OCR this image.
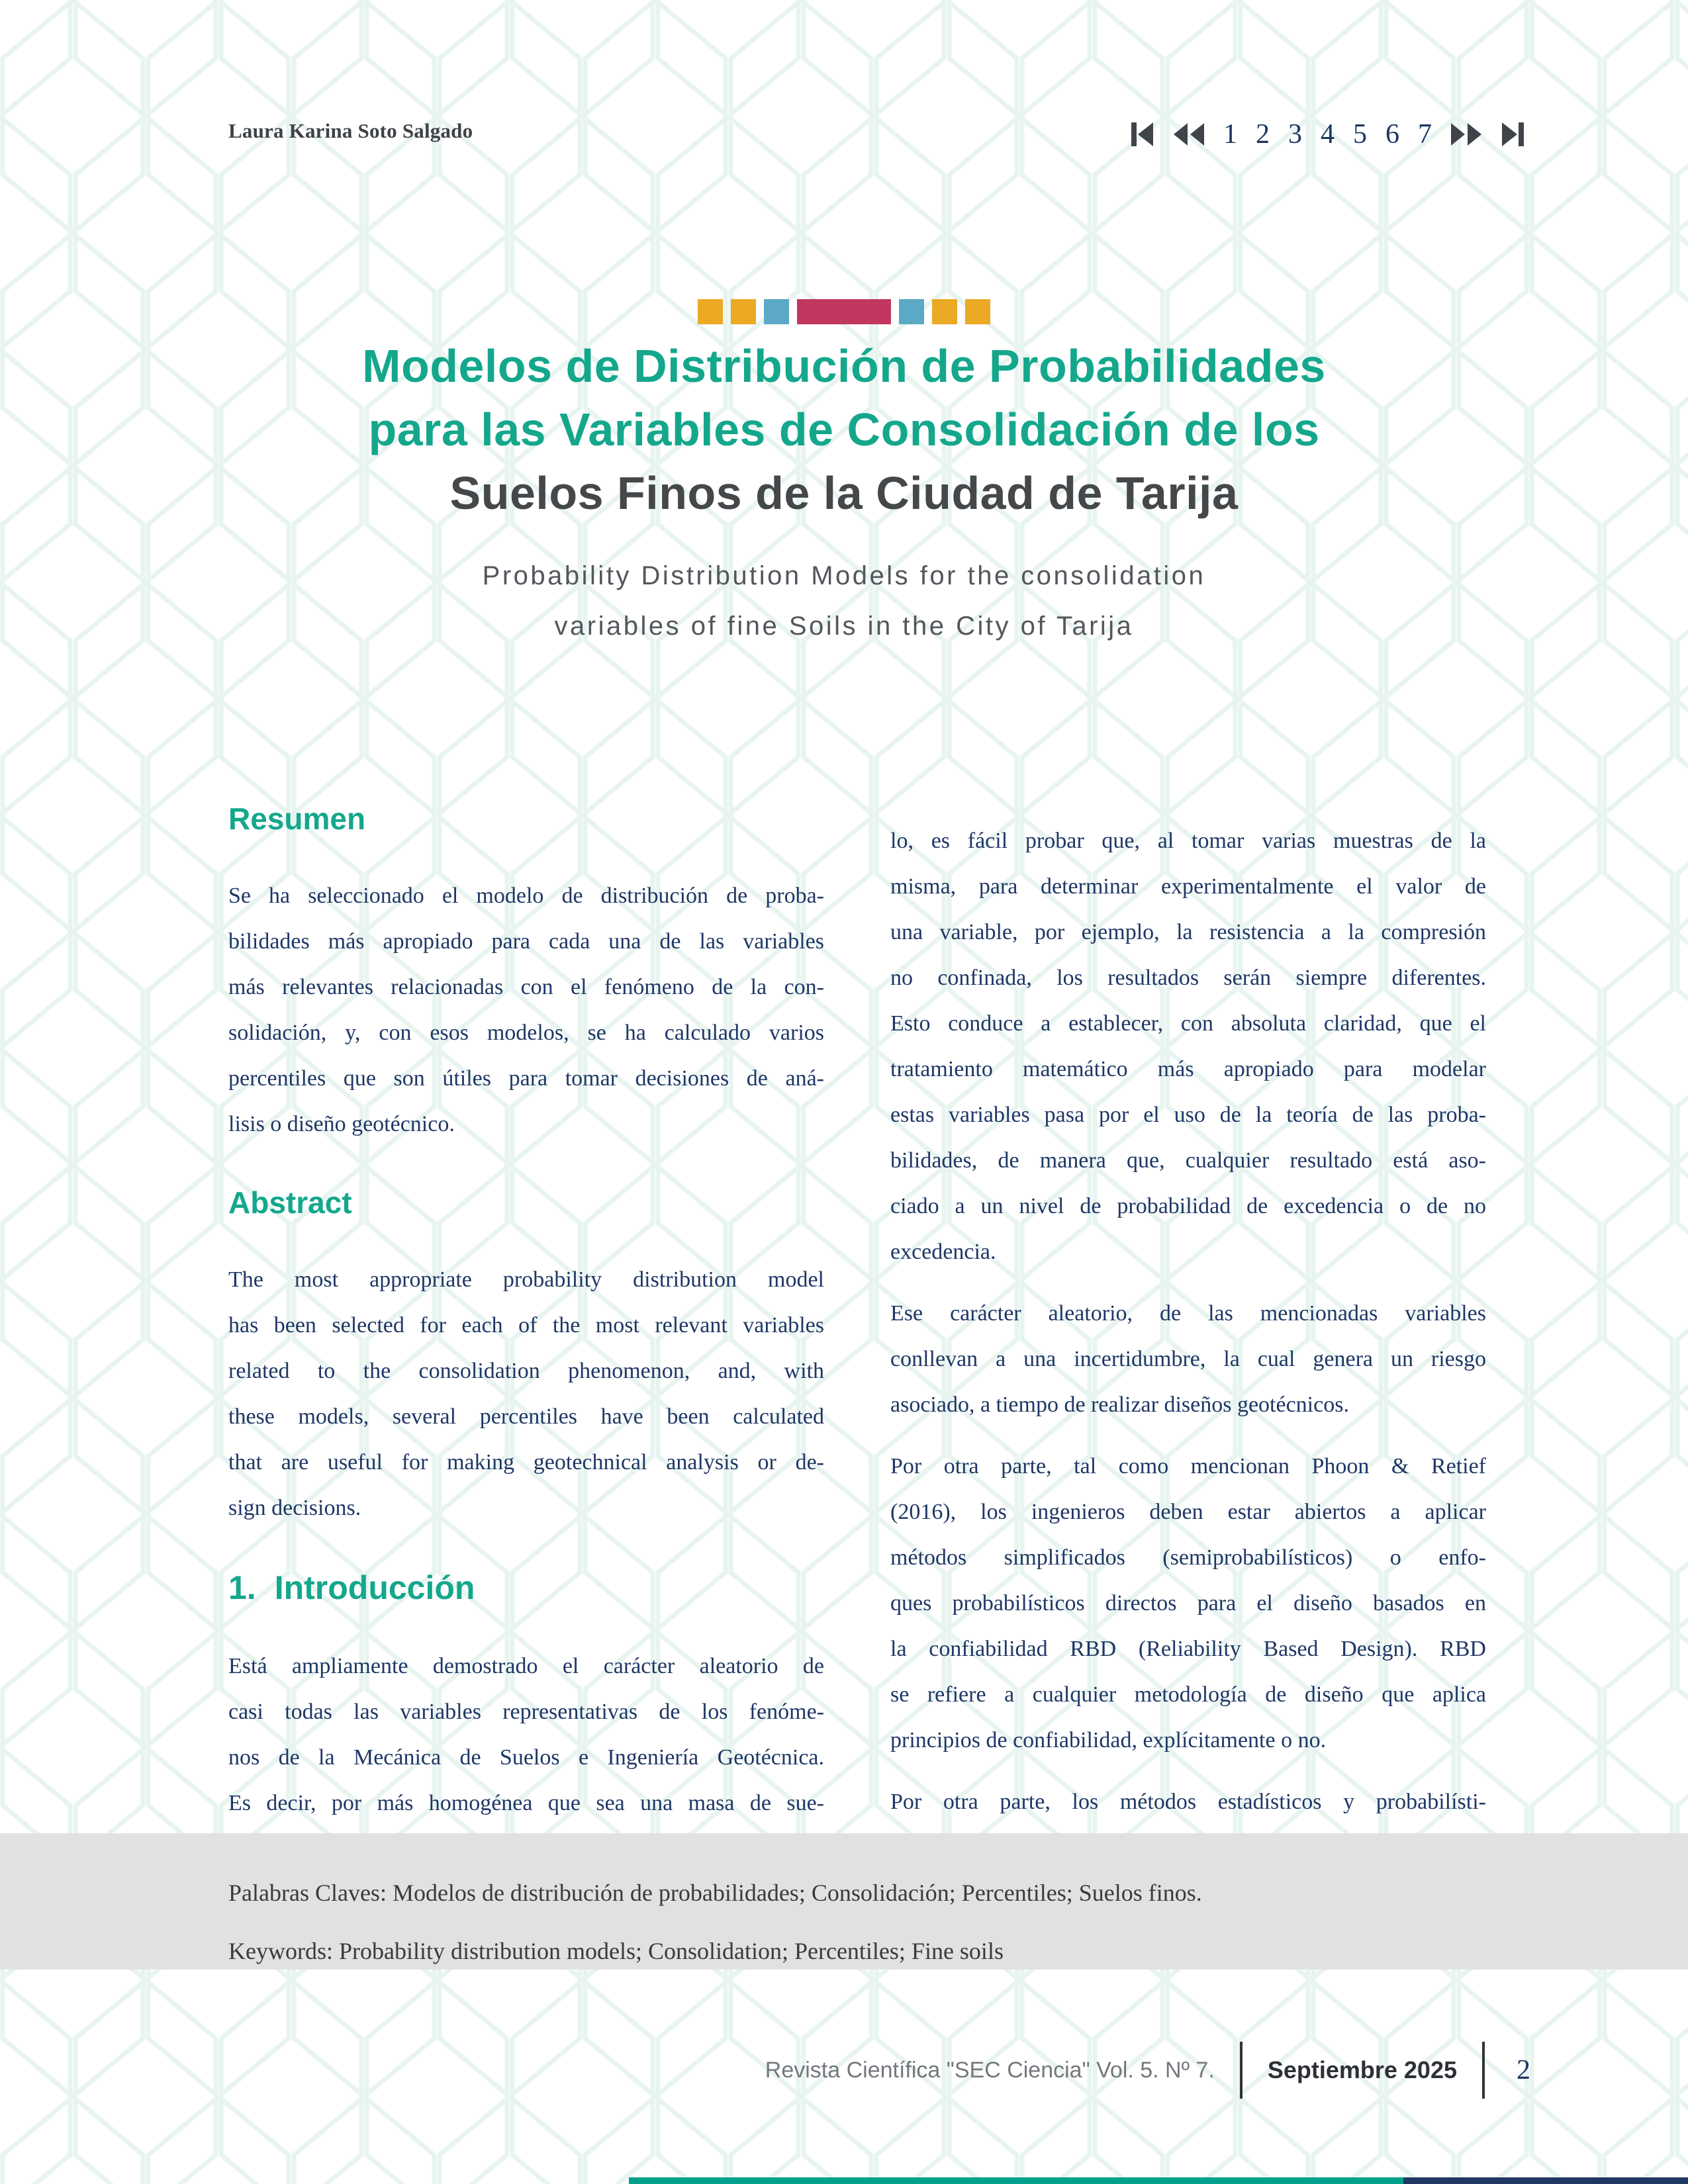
Laura Karina Soto Salgado	1 2 3 4 5 6 7
Modelos de Distribución de Probabilidades
para las Variables de Consolidación de los
Suelos Finos de la Ciudad de Tarija
Probability Distribution Models for the consolidation
variables of fine Soils in the City of Tarija
Resumen
Se ha seleccionado el modelo de distribución de proba-
bilidades más apropiado para cada una de las variables
más relevantes relacionadas con el fenómeno de la con-
solidación, y, con esos modelos, se ha calculado varios
percentiles que son útiles para tomar decisiones de aná-
lisis o diseño geotécnico.
Abstract
The most appropriate probability distribution model
has been selected for each of the most relevant variables
related to the consolidation phenomenon, and, with
these models, several percentiles have been calculated
that are useful for making geotechnical analysis or de-
sign decisions.
1. Introducción
Está ampliamente demostrado el carácter aleatorio de
casi todas las variables representativas de los fenóme-
nos de la Mecánica de Suelos e Ingeniería Geotécnica.
Es decir, por más homogénea que sea una masa de sue-
lo, es fácil probar que, al tomar varias muestras de la
misma, para determinar experimentalmente el valor de
una variable, por ejemplo, la resistencia a la compresión
no confinada, los resultados serán siempre diferentes.
Esto conduce a establecer, con absoluta claridad, que el
tratamiento matemático más apropiado para modelar
estas variables pasa por el uso de la teoría de las proba-
bilidades, de manera que, cualquier resultado está aso-
ciado a un nivel de probabilidad de excedencia o de no
excedencia.
Ese carácter aleatorio, de las mencionadas variables
conllevan a una incertidumbre, la cual genera un riesgo
asociado, a tiempo de realizar diseños geotécnicos.
Por otra parte, tal como mencionan Phoon & Retief
(2016), los ingenieros deben estar abiertos a aplicar
métodos simplificados (semiprobabilísticos) o enfo-
ques probabilísticos directos para el diseño basados en
la confiabilidad RBD (Reliability Based Design). RBD
se refiere a cualquier metodología de diseño que aplica
principios de confiabilidad, explícitamente o no.
Por otra parte, los métodos estadísticos y probabilísti-
Palabras Claves: Modelos de distribución de probabilidades; Consolidación; Percentiles; Suelos finos.
Keywords: Probability distribution models; Consolidation; Percentiles; Fine soils
Revista Científica "SEC Ciencia" Vol. 5. Nº 7. Septiembre 2025 2
